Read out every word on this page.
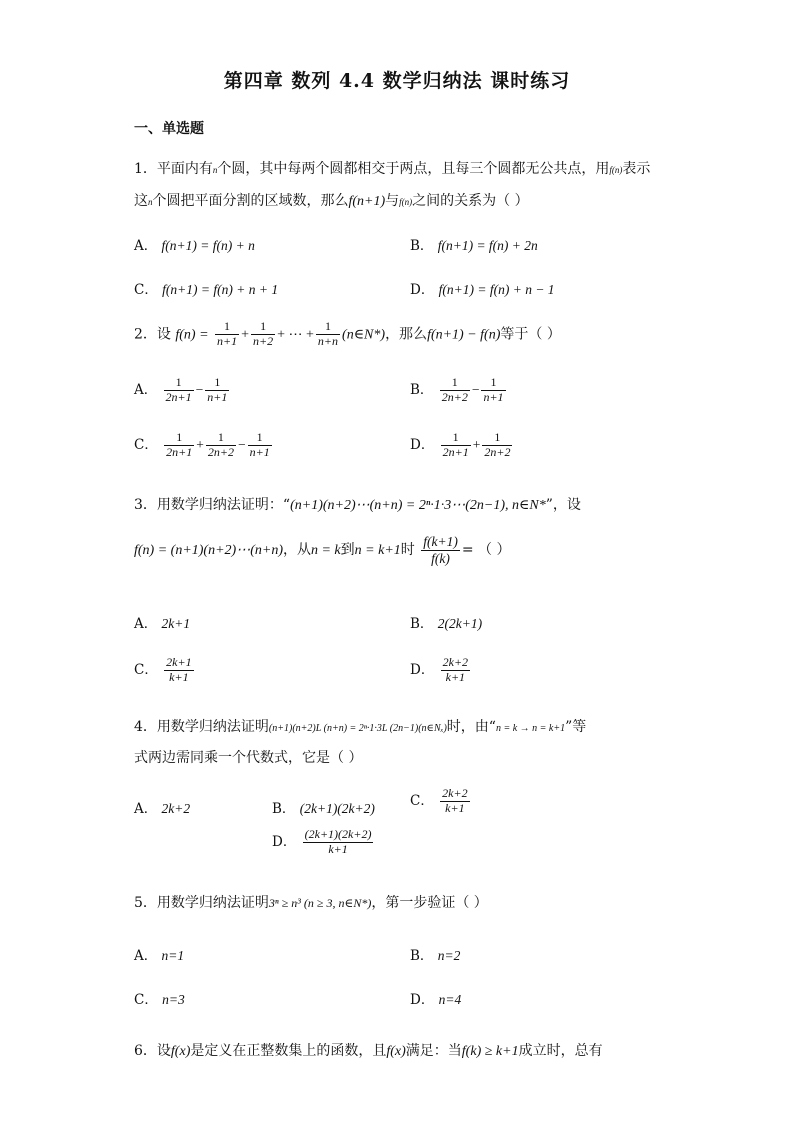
第四章 数列 4.4 数学归纳法 课时练习
一、单选题
1．平面内有n个圆，其中每两个圆都相交于两点，且每三个圆都无公共点，用f(n)表示
这n个圆把平面分割的区域数，那么f(n+1)与f(n)之间的关系为（ ）
A． f(n+1) = f(n) + n	B． f(n+1) = f(n) + 2n
C． f(n+1) = f(n) + n + 1	D． f(n+1) = f(n) + n − 1
2．设 $f(n) = \frac{1}{n+1} + \frac{1}{n+2}$ + ⋯ + $\frac{1}{n+n}$ (n∈N*)，那么f(n+1) − f(n)等于（ ）
A． $\frac{1}{2n+1} - \frac{1}{n+1}$	B． $\frac{1}{2n+2} - \frac{1}{n+1}$
C． $\frac{1}{2n+1} + \frac{1}{2n+2} - \frac{1}{n+1}$	D． $\frac{1}{2n+1} + \frac{1}{2n+2}$
3．用数学归纳法证明：“(n+1)(n+2)⋯(n+n) = 2ⁿ·1·3⋯(2n−1), n∈N*”，设
f(n) = (n+1)(n+2)⋯(n+n)，从n = k到n = k+1时 $\frac{f(k+1)}{f(k)}$ = （ ）
A． 2k+1	B． 2(2k+1)
C． $\frac{2k+1}{k+1}$	D． $\frac{2k+2}{k+1}$
4．用数学归纳法证明(n+1)(n+2)L (n+n) = 2ⁿ·1·3L (2n−1)(n∈Nₓ)时，由“n = k → n = k+1”等
式两边需同乘一个代数式，它是（ ）
A． 2k+2	B． (2k+1)(2k+2)	C． $\frac{2k+2}{k+1}$
D． $\frac{(2k+1)(2k+2)}{k+1}$
5．用数学归纳法证明3ⁿ ≥ n³ (n ≥ 3, n∈N*)，第一步验证（ ）
A． n=1	B． n=2
C． n=3	D． n=4
6．设f(x)是定义在正整数集上的函数，且f(x)满足：当f(k) ≥ k+1成立时，总有
